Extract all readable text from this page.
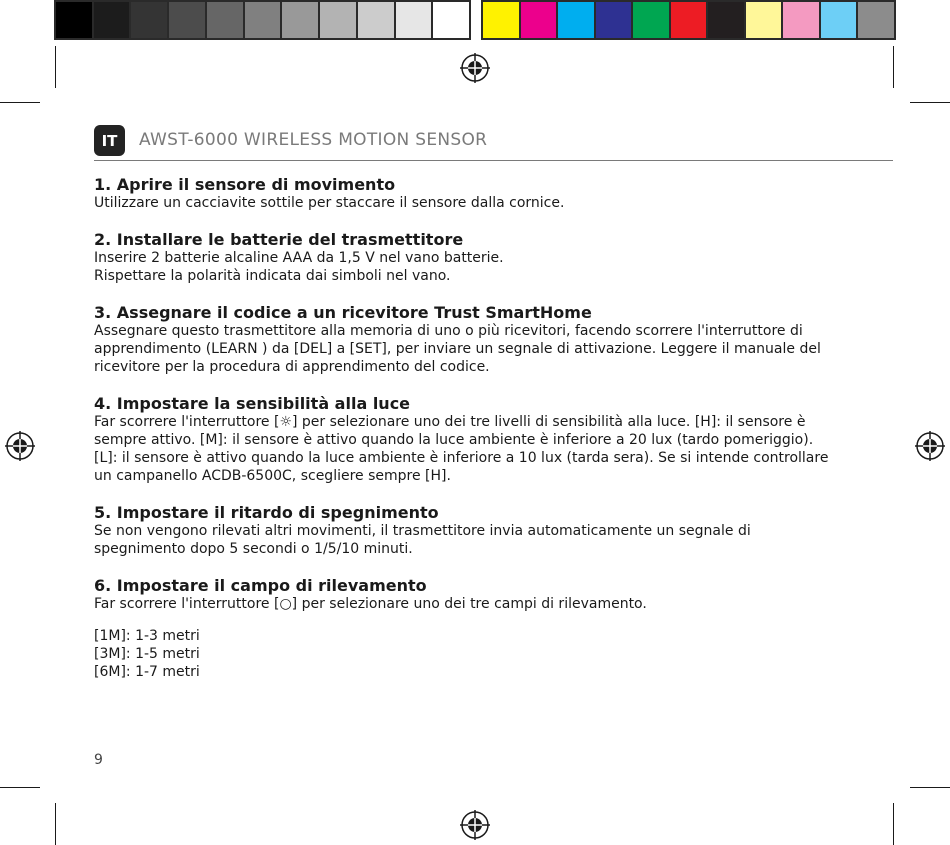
IT	AWST-6000 WIRELESS MOTION SENSOR
1. Aprire il sensore di movimento

Utilizzare un cacciavite sottile per staccare il sensore dalla cornice.

2. Installare le batterie del trasmettitore

Inserire 2 batterie alcaline AAA da 1,5 V nel vano batterie.

Rispettare la polarità indicata dai simboli nel vano.

3. Assegnare il codice a un ricevitore Trust SmartHome

Assegnare questo trasmettitore alla memoria di uno o più ricevitori, facendo scorrere l'interruttore di

apprendimento (LEARN ) da [DEL] a [SET], per inviare un segnale di attivazione. Leggere il manuale del

ricevitore per la procedura di apprendimento del codice.

4. Impostare la sensibilità alla luce

Far scorrere l'interruttore [☼] per selezionare uno dei tre livelli di sensibilità alla luce. [H]: il sensore è

sempre attivo. [M]: il sensore è attivo quando la luce ambiente è inferiore a 20 lux (tardo pomeriggio).

[L]: il sensore è attivo quando la luce ambiente è inferiore a 10 lux (tarda sera). Se si intende controllare

un campanello ACDB-6500C, scegliere sempre [H].

5. Impostare il ritardo di spegnimento

Se non vengono rilevati altri movimenti, il trasmettitore invia automaticamente un segnale di

spegnimento dopo 5 secondi o 1/5/10 minuti.

6. Impostare il campo di rilevamento

Far scorrere l'interruttore [○] per selezionare uno dei tre campi di rilevamento.

[1M]: 1-3 metri

[3M]: 1-5 metri

[6M]: 1-7 metri

9
